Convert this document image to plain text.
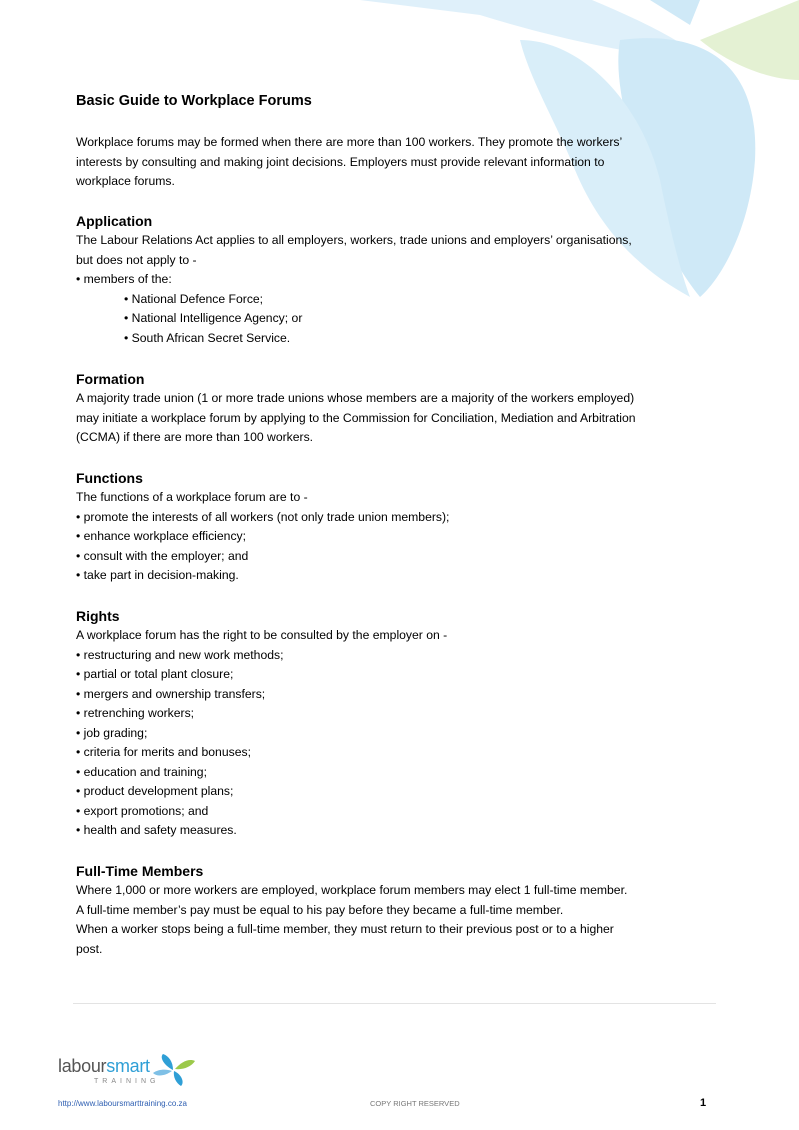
Basic Guide to Workplace Forums

Workplace forums may be formed when there are more than 100 workers. They promote the workers’

interests by consulting and making joint decisions. Employers must provide relevant information to

workplace forums.

Application

The Labour Relations Act applies to all employers, workers, trade unions and employers’ organisations,

but does not apply to -

• members of the:

• National Defence Force;

• National Intelligence Agency; or

• South African Secret Service.

Formation

A majority trade union (1 or more trade unions whose members are a majority of the workers employed)

may initiate a workplace forum by applying to the Commission for Conciliation, Mediation and Arbitration

(CCMA) if there are more than 100 workers.

Functions

The functions of a workplace forum are to -

• promote the interests of all workers (not only trade union members);

• enhance workplace efficiency;

• consult with the employer; and

• take part in decision-making.

Rights

A workplace forum has the right to be consulted by the employer on -

• restructuring and new work methods;

• partial or total plant closure;

• mergers and ownership transfers;

• retrenching workers;

• job grading;

• criteria for merits and bonuses;

• education and training;

• product development plans;

• export promotions; and

• health and safety measures.

Full-Time Members

Where 1,000 or more workers are employed, workplace forum members may elect 1 full-time member.

A full-time member’s pay must be equal to his pay before they became a full-time member.

When a worker stops being a full-time member, they must return to their previous post or to a higher

post.

laboursmart
TRAINING
http://www.laboursmarttraining.co.za	COPY RIGHT RESERVED	1
